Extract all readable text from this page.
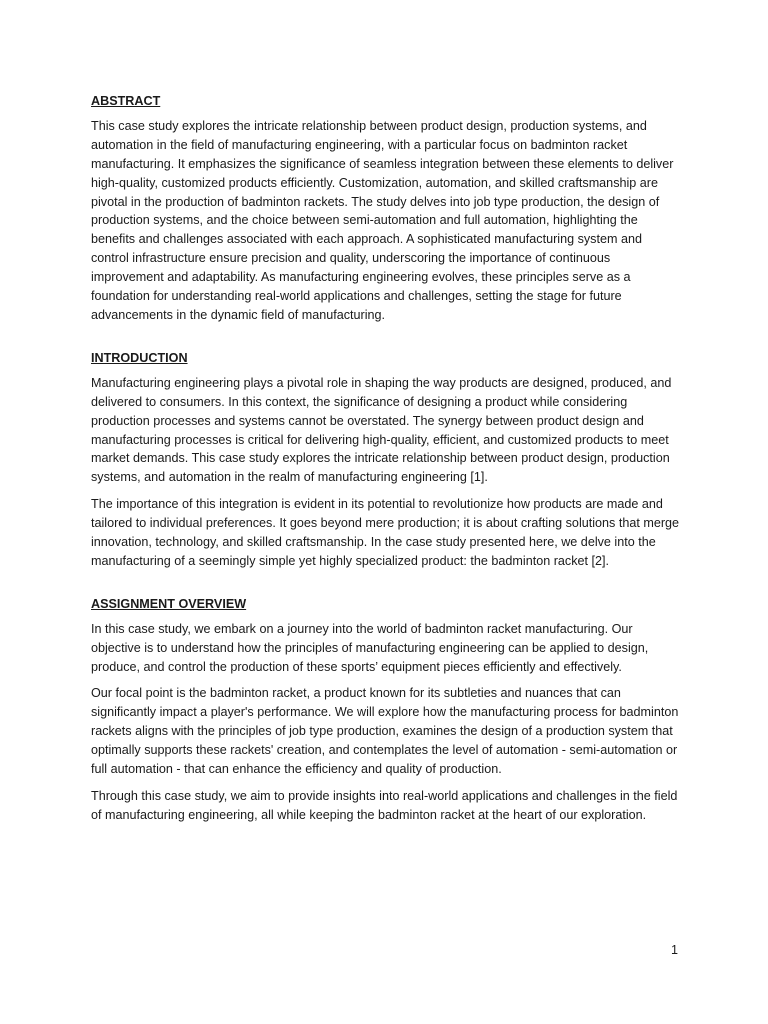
ABSTRACT

This case study explores the intricate relationship between product design, production systems, and automation in the field of manufacturing engineering, with a particular focus on badminton racket manufacturing. It emphasizes the significance of seamless integration between these elements to deliver high-quality, customized products efficiently. Customization, automation, and skilled craftsmanship are pivotal in the production of badminton rackets. The study delves into job type production, the design of production systems, and the choice between semi-automation and full automation, highlighting the benefits and challenges associated with each approach. A sophisticated manufacturing system and control infrastructure ensure precision and quality, underscoring the importance of continuous improvement and adaptability. As manufacturing engineering evolves, these principles serve as a foundation for understanding real-world applications and challenges, setting the stage for future advancements in the dynamic field of manufacturing.

INTRODUCTION

Manufacturing engineering plays a pivotal role in shaping the way products are designed, produced, and delivered to consumers. In this context, the significance of designing a product while considering production processes and systems cannot be overstated. The synergy between product design and manufacturing processes is critical for delivering high-quality, efficient, and customized products to meet market demands. This case study explores the intricate relationship between product design, production systems, and automation in the realm of manufacturing engineering [1].

The importance of this integration is evident in its potential to revolutionize how products are made and tailored to individual preferences. It goes beyond mere production; it is about crafting solutions that merge innovation, technology, and skilled craftsmanship. In the case study presented here, we delve into the manufacturing of a seemingly simple yet highly specialized product: the badminton racket [2].

ASSIGNMENT OVERVIEW

In this case study, we embark on a journey into the world of badminton racket manufacturing. Our objective is to understand how the principles of manufacturing engineering can be applied to design, produce, and control the production of these sports’ equipment pieces efficiently and effectively.

Our focal point is the badminton racket, a product known for its subtleties and nuances that can significantly impact a player's performance. We will explore how the manufacturing process for badminton rackets aligns with the principles of job type production, examines the design of a production system that optimally supports these rackets' creation, and contemplates the level of automation - semi-automation or full automation - that can enhance the efficiency and quality of production.

Through this case study, we aim to provide insights into real-world applications and challenges in the field of manufacturing engineering, all while keeping the badminton racket at the heart of our exploration.

1
